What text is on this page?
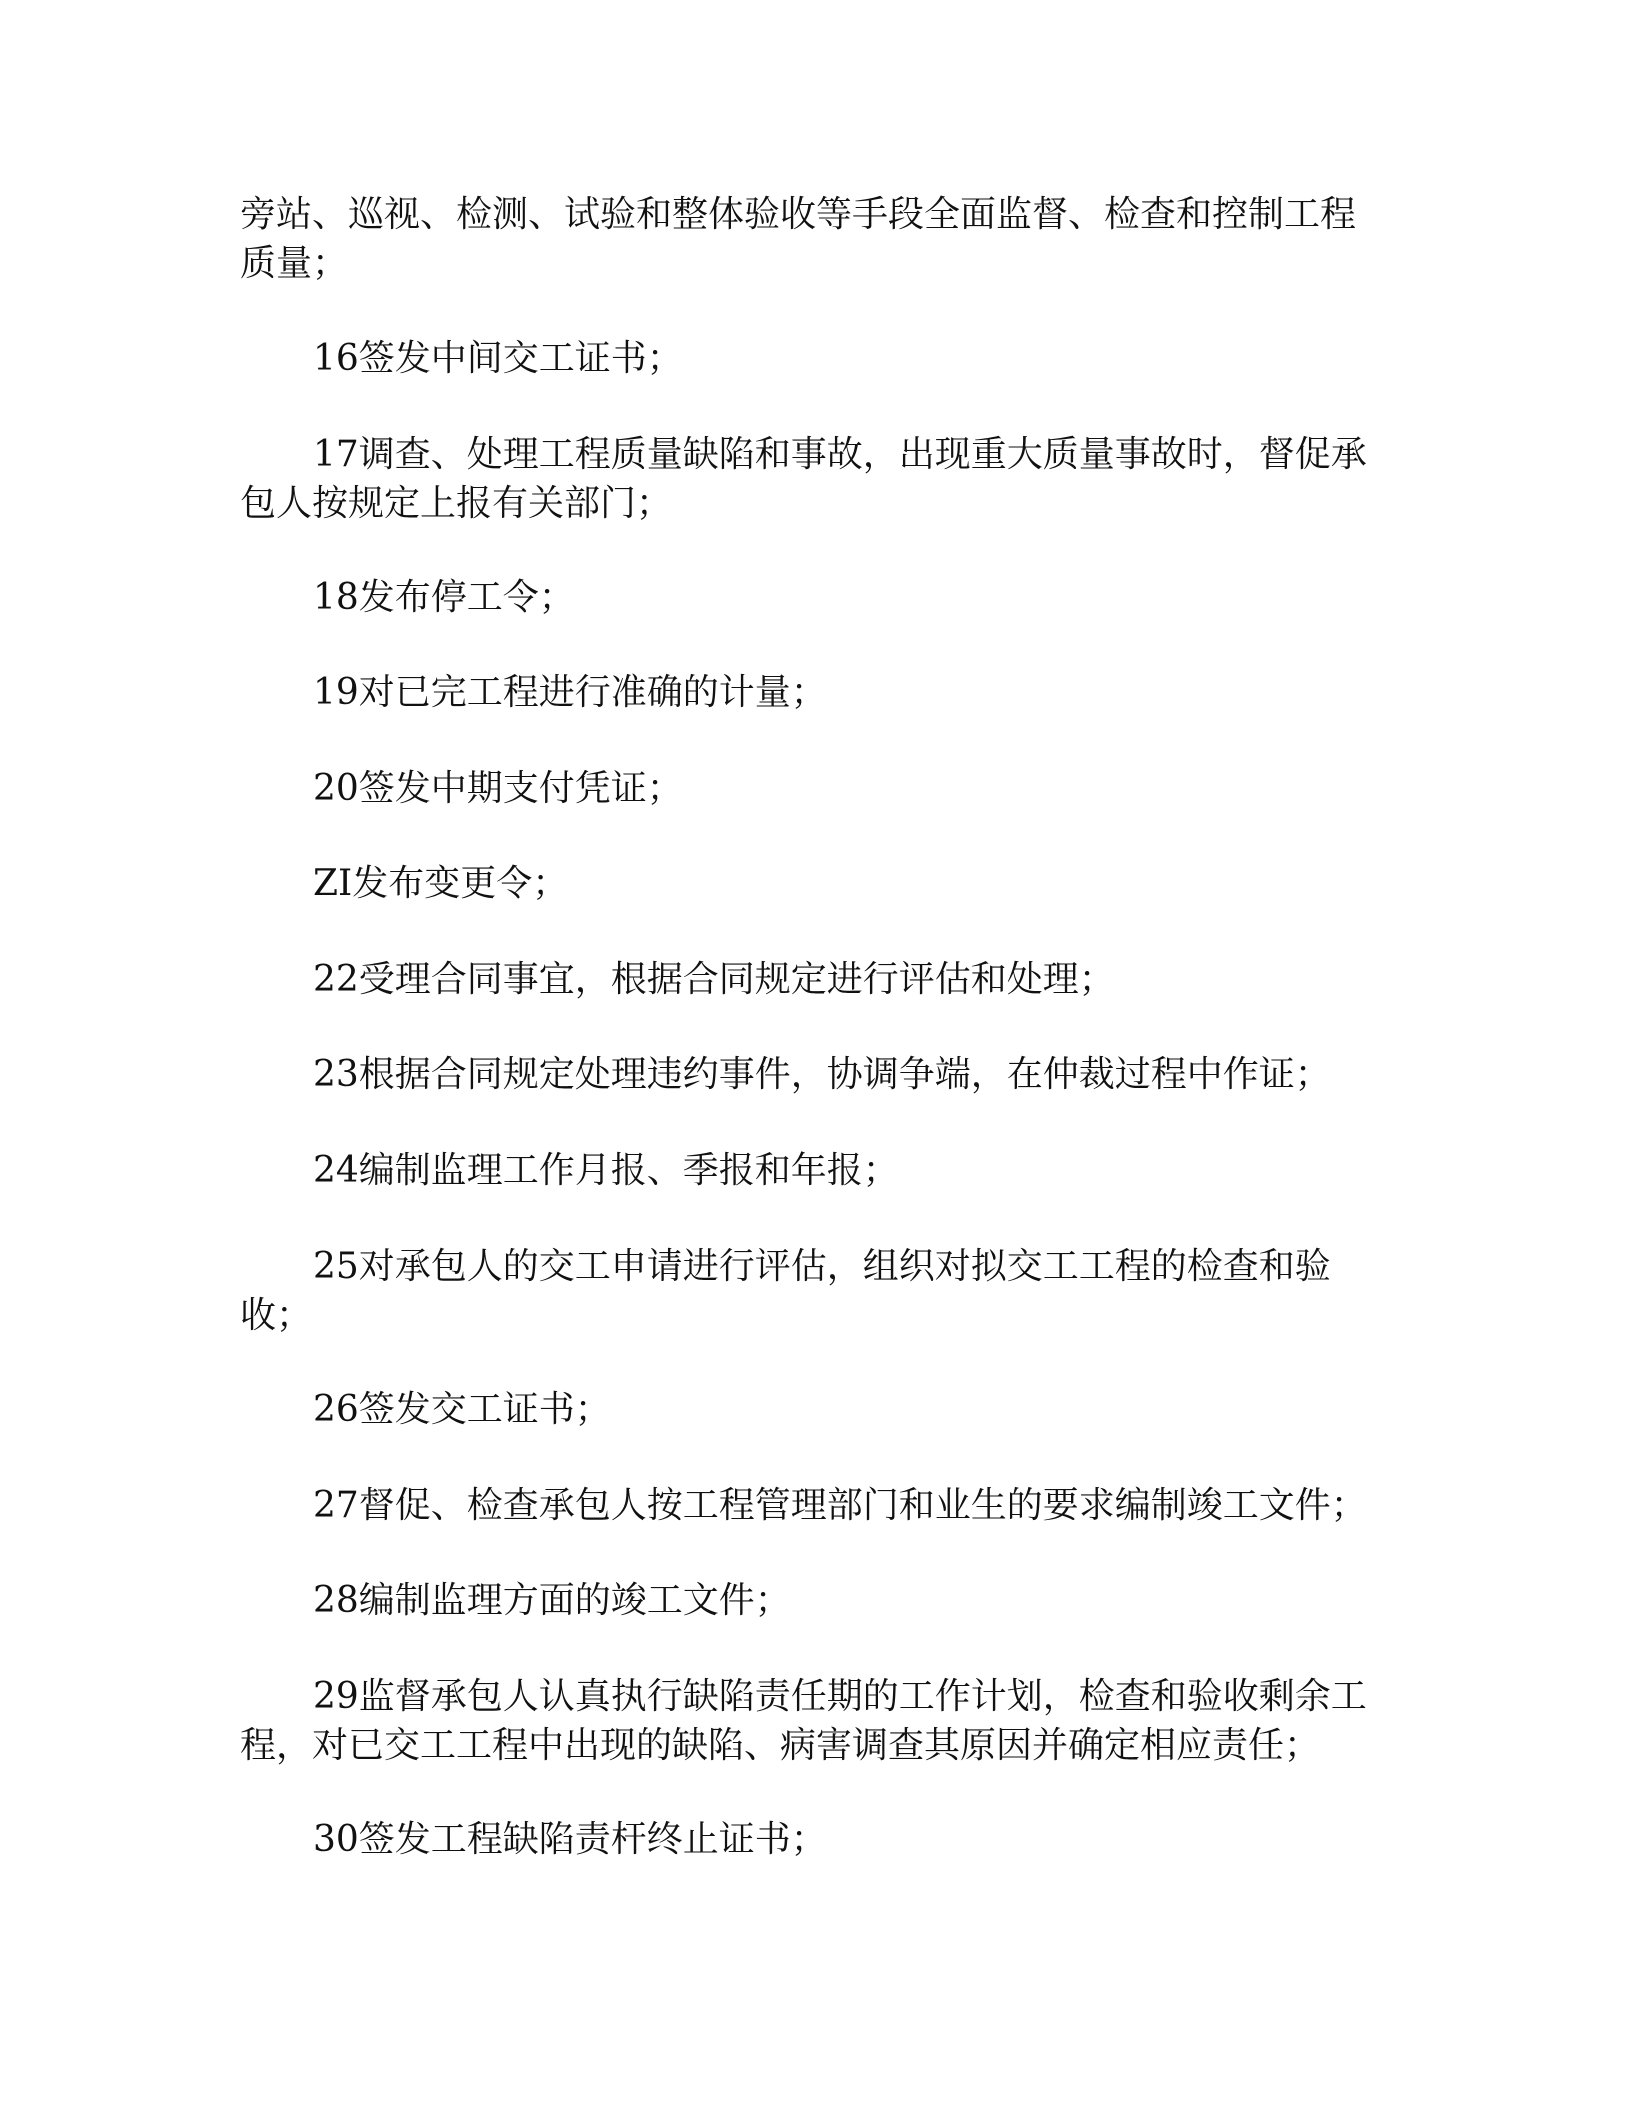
旁站、巡视、检测、试验和整体验收等手段全面监督、检查和控制工程质量；

16签发中间交工证书；

17调查、处理工程质量缺陷和事故，出现重大质量事故时，督促承包人按规定上报有关部门；

18发布停工令；

19对已完工程进行准确的计量；

20签发中期支付凭证；

ZI发布变更令；

22受理合同事宜，根据合同规定进行评估和处理；

23根据合同规定处理违约事件，协调争端，在仲裁过程中作证；

24编制监理工作月报、季报和年报；

25对承包人的交工申请进行评估，组织对拟交工工程的检查和验收；

26签发交工证书；

27督促、检查承包人按工程管理部门和业生的要求编制竣工文件；

28编制监理方面的竣工文件；

29监督承包人认真执行缺陷责任期的工作计划，检查和验收剩余工程，对已交工工程中出现的缺陷、病害调查其原因并确定相应责任；

30签发工程缺陷责杆终止证书；
